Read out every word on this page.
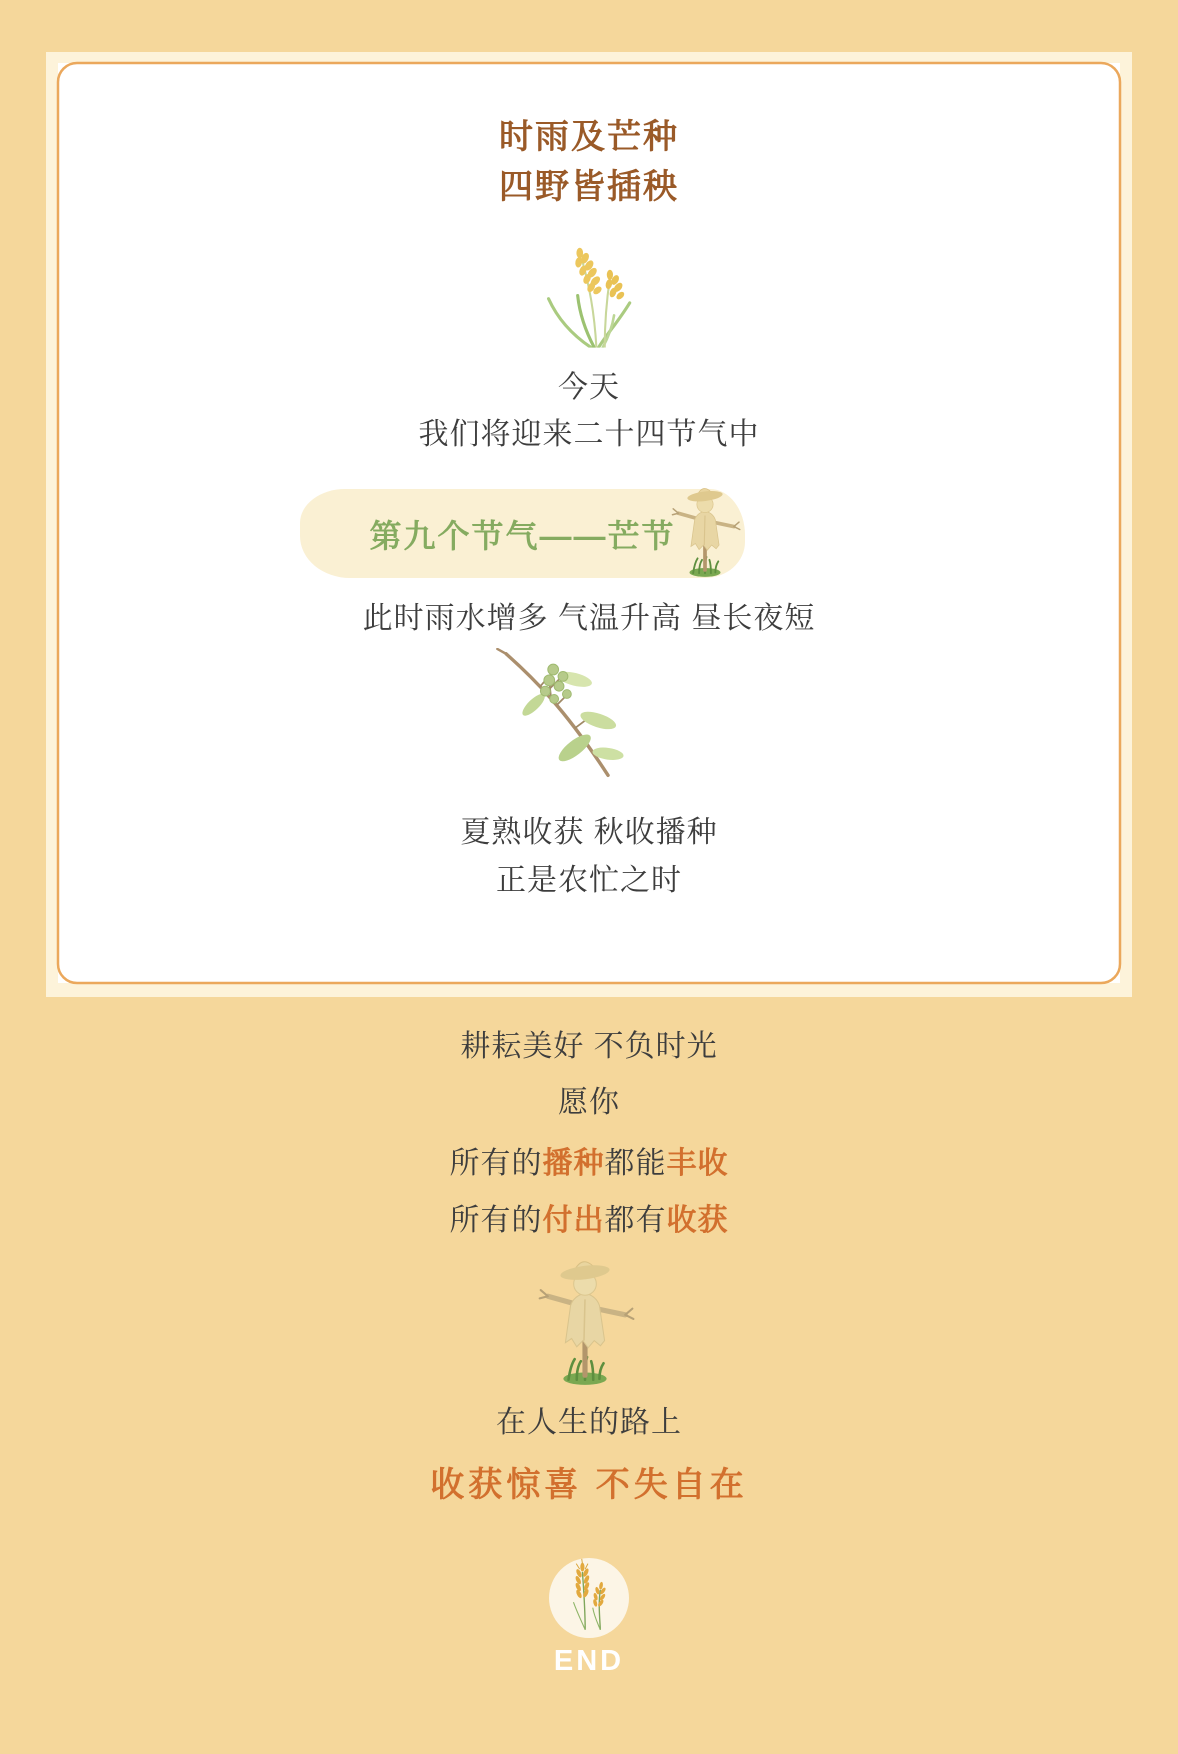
时雨及芒种
四野皆插秧
今天
我们将迎来二十四节气中
第九个节气——芒节
此时雨水增多 气温升高 昼长夜短
夏熟收获 秋收播种
正是农忙之时
耕耘美好 不负时光
愿你
所有的播种都能丰收
所有的付出都有收获
在人生的路上
收获惊喜 不失自在
END
